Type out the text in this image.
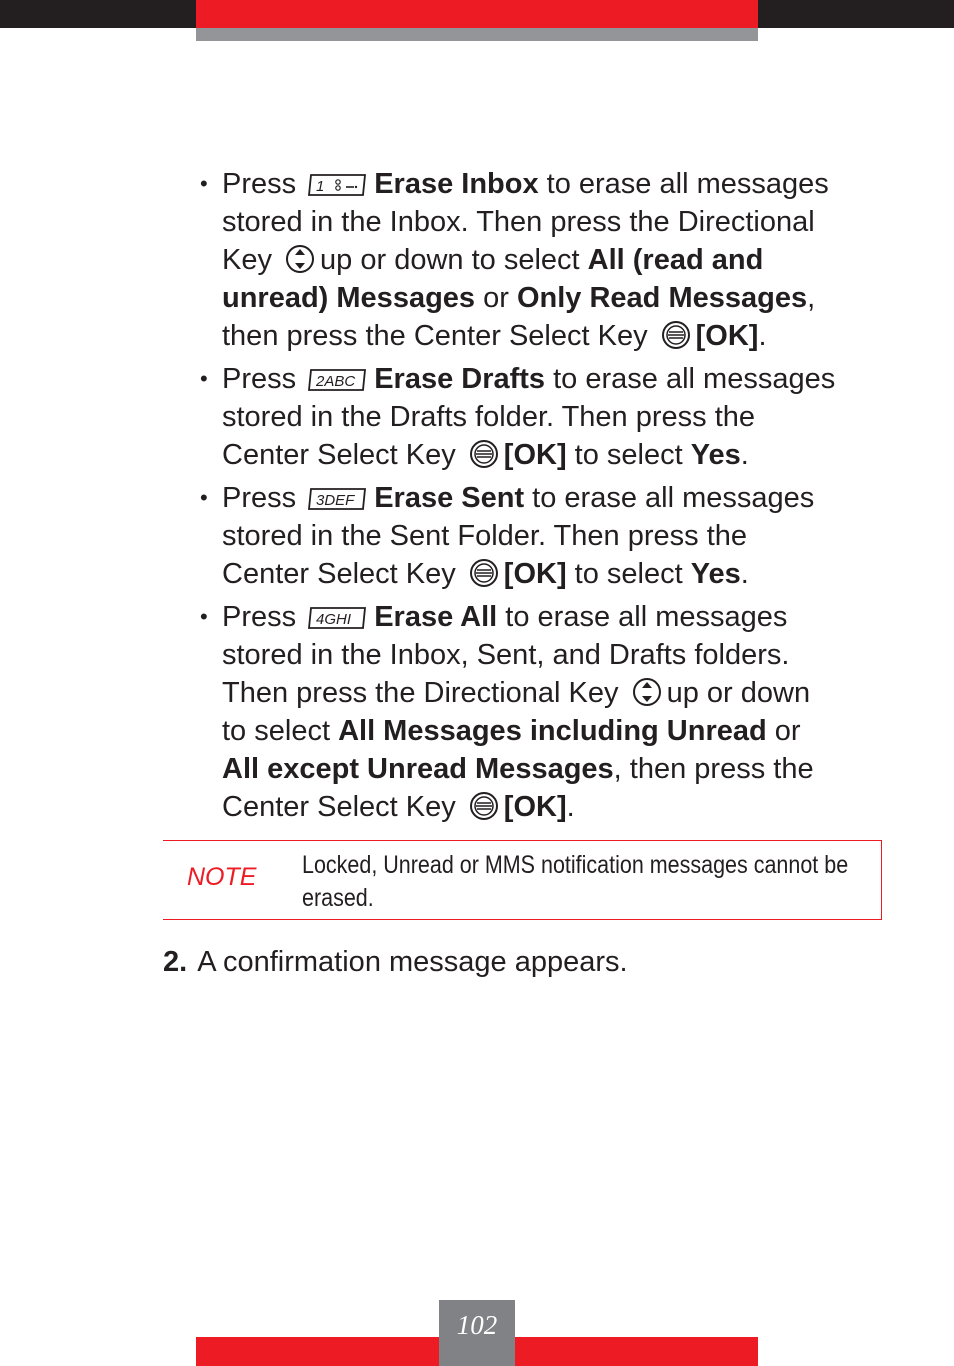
• Press 1 Erase Inbox to erase all messages
stored in the Inbox. Then press the Directional
Key up or down to select All (read and
unread) Messages or Only Read Messages,
then press the Center Select Key [OK].
• Press 2ABC Erase Drafts to erase all messages
stored in the Drafts folder. Then press the
Center Select Key [OK] to select Yes.
• Press 3DEF Erase Sent to erase all messages
stored in the Sent Folder. Then press the
Center Select Key [OK] to select Yes.
• Press 4GHI Erase All to erase all messages
stored in the Inbox, Sent, and Drafts folders.
Then press the Directional Key up or down
to select All Messages including Unread or
All except Unread Messages, then press the
Center Select Key [OK].
NOTE Locked, Unread or MMS notification messages cannot be erased.
2. A confirmation message appears.
102
